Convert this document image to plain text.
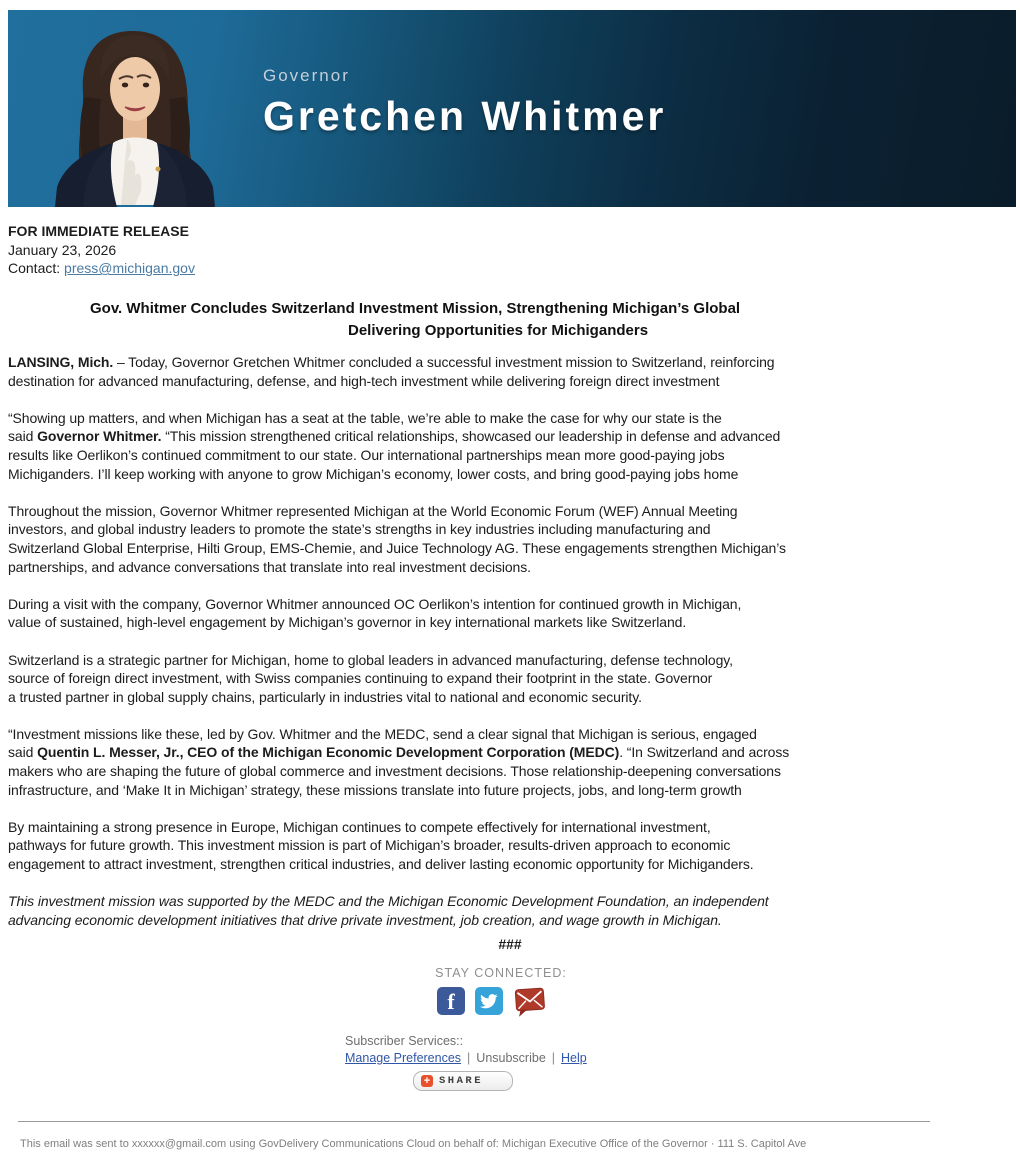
Governor
Gretchen Whitmer
FOR IMMEDIATE RELEASE
January 23, 2026
Contact: press@michigan.gov
Gov. Whitmer Concludes Switzerland Investment Mission, Strengthening Michigan’s Global
Delivering Opportunities for Michiganders
LANSING, Mich. – Today, Governor Gretchen Whitmer concluded a successful investment mission to Switzerland, reinforcing
destination for advanced manufacturing, defense, and high-tech investment while delivering foreign direct investment
“Showing up matters, and when Michigan has a seat at the table, we’re able to make the case for why our state is the
said Governor Whitmer. “This mission strengthened critical relationships, showcased our leadership in defense and advanced
results like Oerlikon’s continued commitment to our state. Our international partnerships mean more good-paying jobs
Michiganders. I’ll keep working with anyone to grow Michigan’s economy, lower costs, and bring good-paying jobs home
Throughout the mission, Governor Whitmer represented Michigan at the World Economic Forum (WEF) Annual Meeting
investors, and global industry leaders to promote the state’s strengths in key industries including manufacturing and
Switzerland Global Enterprise, Hilti Group, EMS-Chemie, and Juice Technology AG. These engagements strengthen Michigan’s
partnerships, and advance conversations that translate into real investment decisions.
During a visit with the company, Governor Whitmer announced OC Oerlikon’s intention for continued growth in Michigan,
value of sustained, high-level engagement by Michigan’s governor in key international markets like Switzerland.
Switzerland is a strategic partner for Michigan, home to global leaders in advanced manufacturing, defense technology,
source of foreign direct investment, with Swiss companies continuing to expand their footprint in the state. Governor
a trusted partner in global supply chains, particularly in industries vital to national and economic security.
“Investment missions like these, led by Gov. Whitmer and the MEDC, send a clear signal that Michigan is serious, engaged
said Quentin L. Messer, Jr., CEO of the Michigan Economic Development Corporation (MEDC). “In Switzerland and across
makers who are shaping the future of global commerce and investment decisions. Those relationship-deepening conversations
infrastructure, and ‘Make It in Michigan’ strategy, these missions translate into future projects, jobs, and long-term growth
By maintaining a strong presence in Europe, Michigan continues to compete effectively for international investment,
pathways for future growth. This investment mission is part of Michigan’s broader, results-driven approach to economic
engagement to attract investment, strengthen critical industries, and deliver lasting economic opportunity for Michiganders.
This investment mission was supported by the MEDC and the Michigan Economic Development Foundation, an independent
advancing economic development initiatives that drive private investment, job creation, and wage growth in Michigan.
###
STAY CONNECTED:
f
Subscriber Services::
Manage Preferences | Unsubscribe | Help
+ SHARE
This email was sent to xxxxxx@gmail.com using GovDelivery Communications Cloud on behalf of: Michigan Executive Office of the Governor · 111 S. Capitol Ave
